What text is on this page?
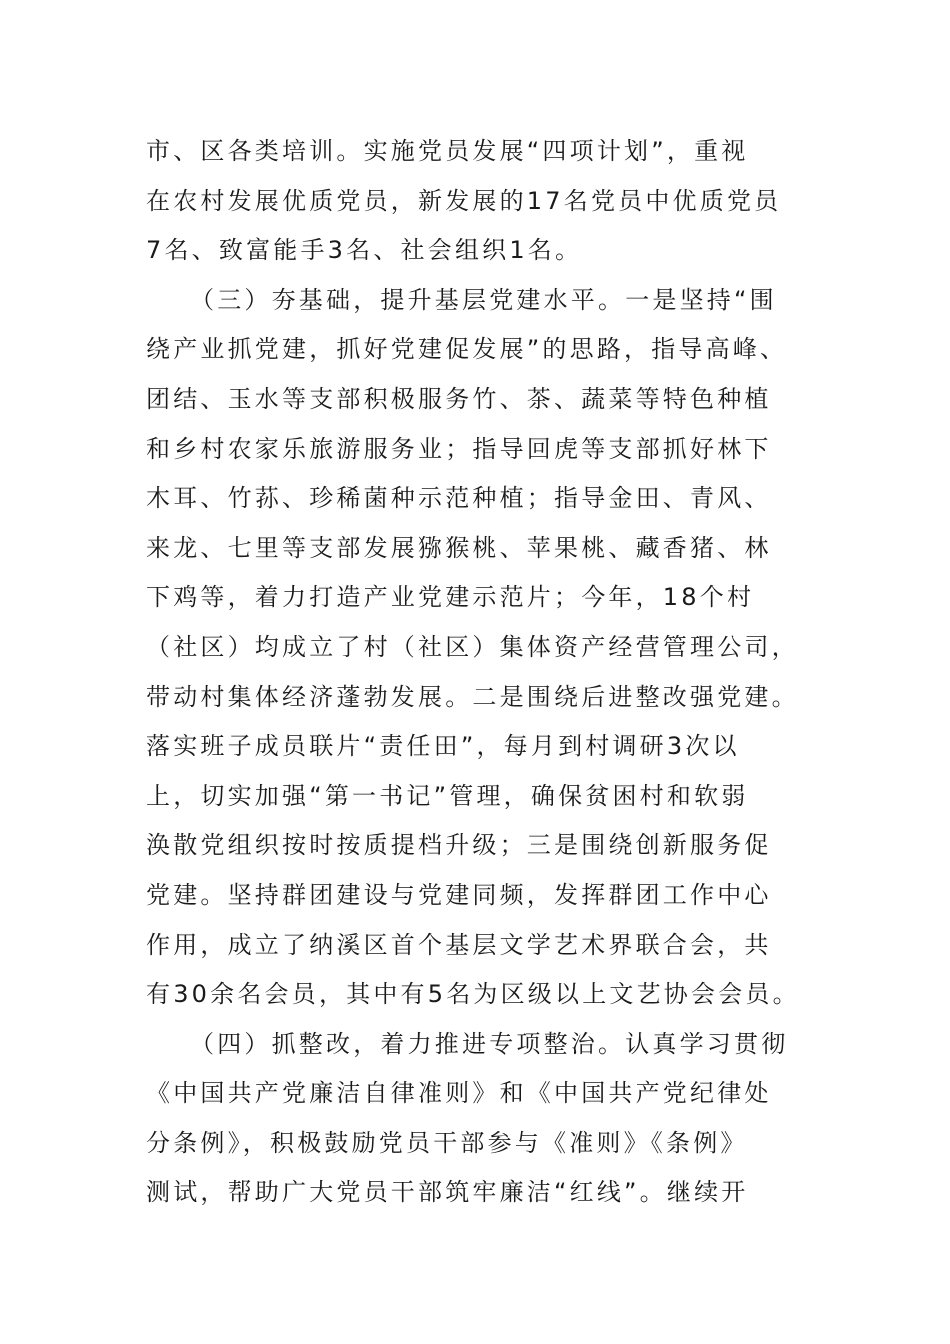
市、区各类培训。实施党员发展“四项计划”，重视
在农村发展优质党员，新发展的17名党员中优质党员
7名、致富能手3名、社会组织1名。
（三）夯基础，提升基层党建水平。一是坚持“围
绕产业抓党建，抓好党建促发展”的思路，指导高峰、
团结、玉水等支部积极服务竹、茶、蔬菜等特色种植
和乡村农家乐旅游服务业；指导回虎等支部抓好林下
木耳、竹荪、珍稀菌种示范种植；指导金田、青风、
来龙、七里等支部发展猕猴桃、苹果桃、藏香猪、林
下鸡等，着力打造产业党建示范片；今年，18个村
（社区）均成立了村（社区）集体资产经营管理公司，
带动村集体经济蓬勃发展。二是围绕后进整改强党建。
落实班子成员联片“责任田”，每月到村调研3次以
上，切实加强“第一书记”管理，确保贫困村和软弱
涣散党组织按时按质提档升级；三是围绕创新服务促
党建。坚持群团建设与党建同频，发挥群团工作中心
作用，成立了纳溪区首个基层文学艺术界联合会，共
有30余名会员，其中有5名为区级以上文艺协会会员。
（四）抓整改，着力推进专项整治。认真学习贯彻
《中国共产党廉洁自律准则》和《中国共产党纪律处
分条例》，积极鼓励党员干部参与《准则》《条例》
测试，帮助广大党员干部筑牢廉洁“红线”。继续开
